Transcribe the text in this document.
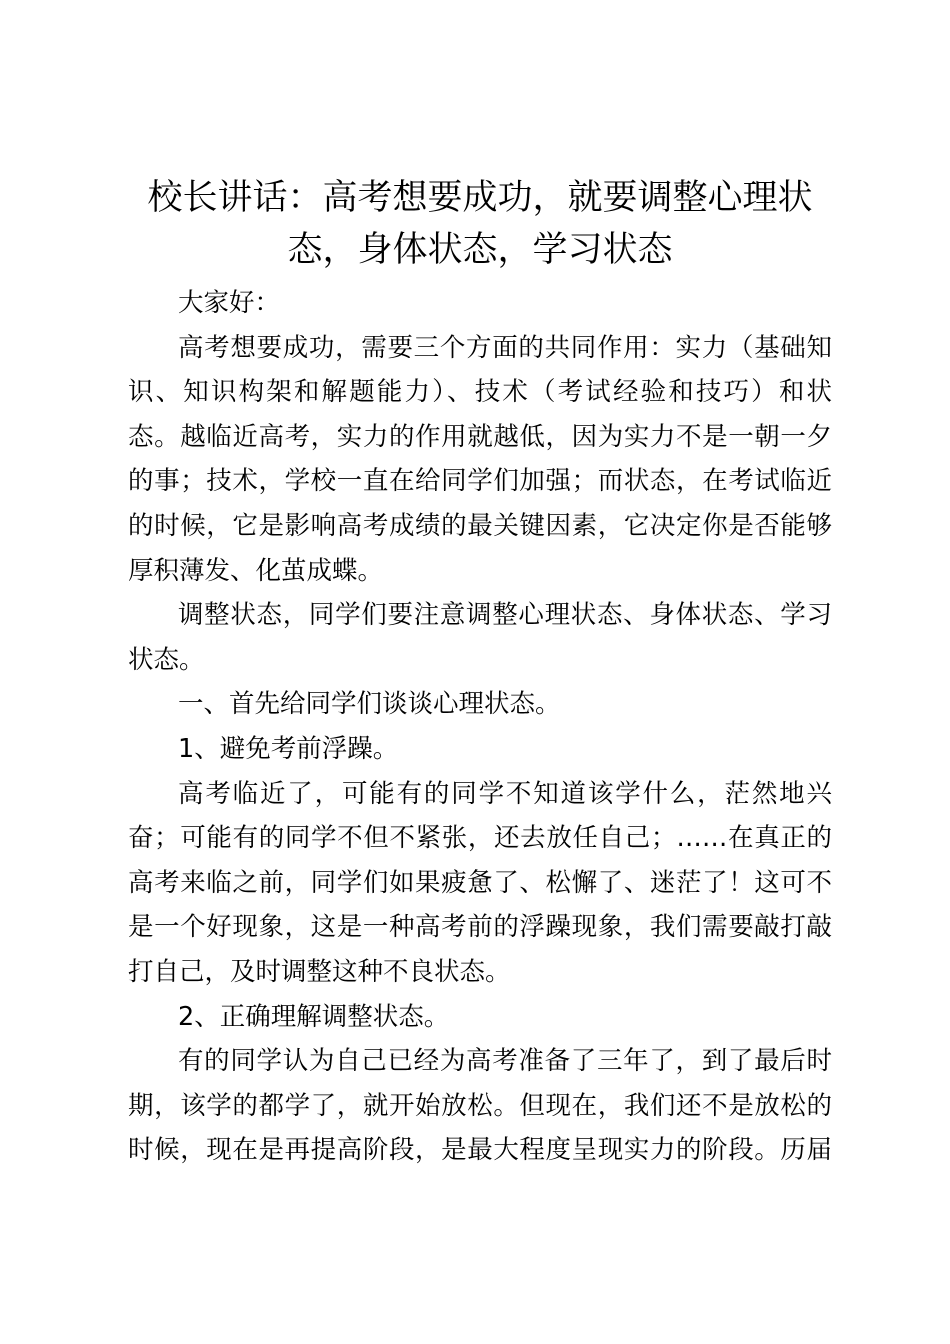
校长讲话：高考想要成功，就要调整心理状
态，身体状态，学习状态

大家好：

高考想要成功，需要三个方面的共同作用：实力（基础知
识、知识构架和解题能力）、技术（考试经验和技巧）和状
态。越临近高考，实力的作用就越低，因为实力不是一朝一夕
的事；技术，学校一直在给同学们加强；而状态，在考试临近
的时候，它是影响高考成绩的最关键因素，它决定你是否能够
厚积薄发、化茧成蝶。

调整状态，同学们要注意调整心理状态、身体状态、学习
状态。

一、首先给同学们谈谈心理状态。

1、避免考前浮躁。

高考临近了，可能有的同学不知道该学什么，茫然地兴
奋；可能有的同学不但不紧张，还去放任自己；……在真正的
高考来临之前，同学们如果疲惫了、松懈了、迷茫了！这可不
是一个好现象，这是一种高考前的浮躁现象，我们需要敲打敲
打自己，及时调整这种不良状态。

2、正确理解调整状态。

有的同学认为自己已经为高考准备了三年了，到了最后时
期，该学的都学了，就开始放松。但现在，我们还不是放松的
时候，现在是再提高阶段，是最大程度呈现实力的阶段。历届
